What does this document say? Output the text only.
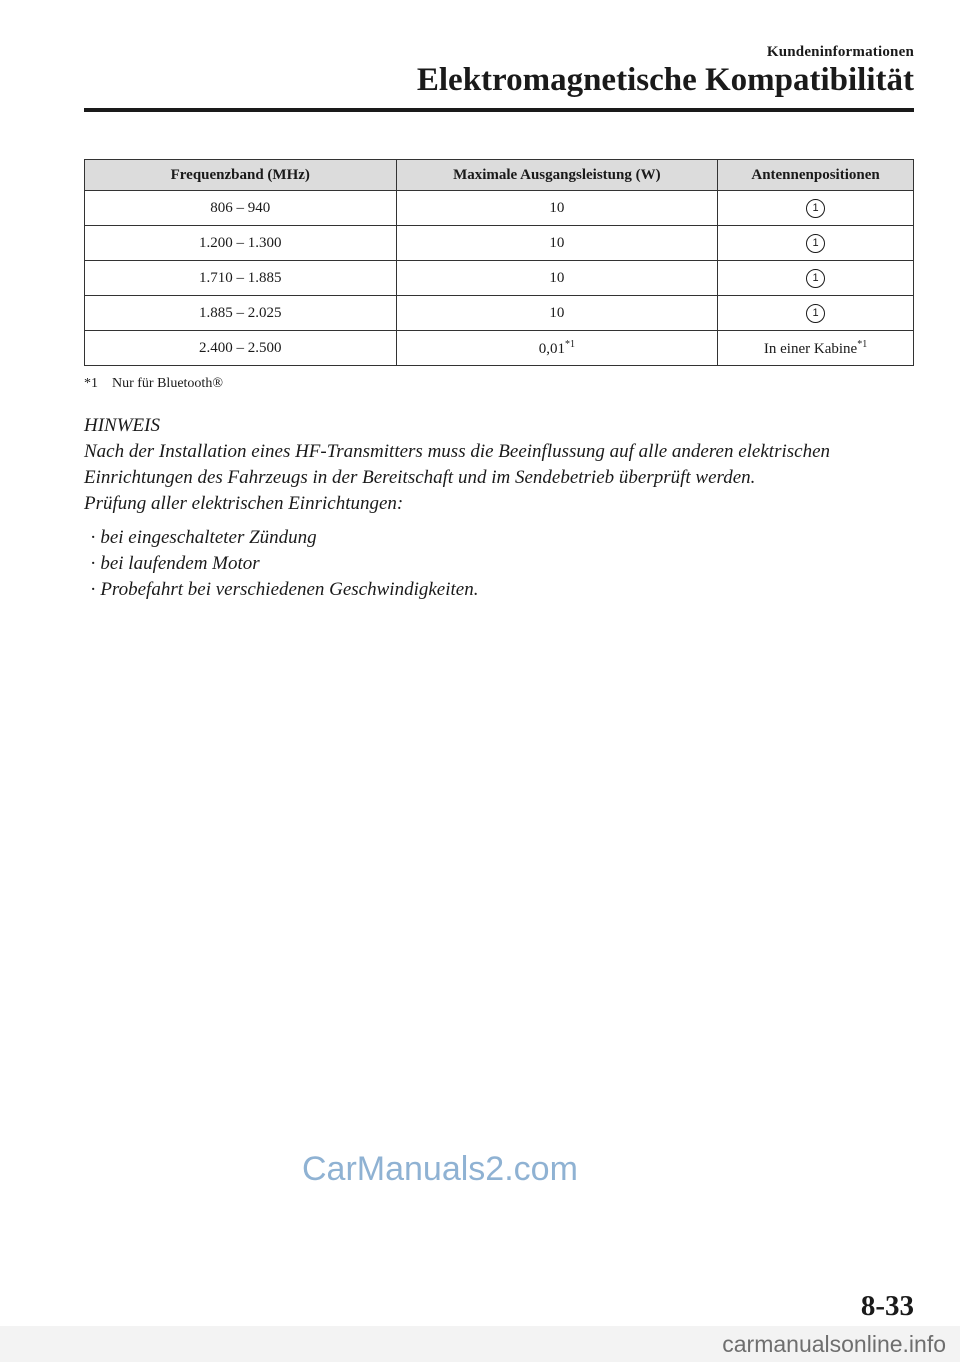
Kundeninformationen
Elektromagnetische Kompatibilität
Frequenzband (MHz)	Maximale Ausgangsleistung (W)	Antennenpositionen
806 – 940	10	1
1.200 – 1.300	10	1
1.710 – 1.885	10	1
1.885 – 2.025	10	1
2.400 – 2.500	0,01$^{*1}$	In einer Kabine$^{*1}$
*1 Nur für Bluetooth®

HINWEIS

Nach der Installation eines HF-Transmitters muss die Beeinflussung auf alle anderen elektrischen Einrichtungen des Fahrzeugs in der Bereitschaft und im Sendebetrieb überprüft werden.

Prüfung aller elektrischen Einrichtungen:

· bei eingeschalteter Zündung
· bei laufendem Motor
· Probefahrt bei verschiedenen Geschwindigkeiten.
CarManuals2.com
8-33
carmanualsonline.info
